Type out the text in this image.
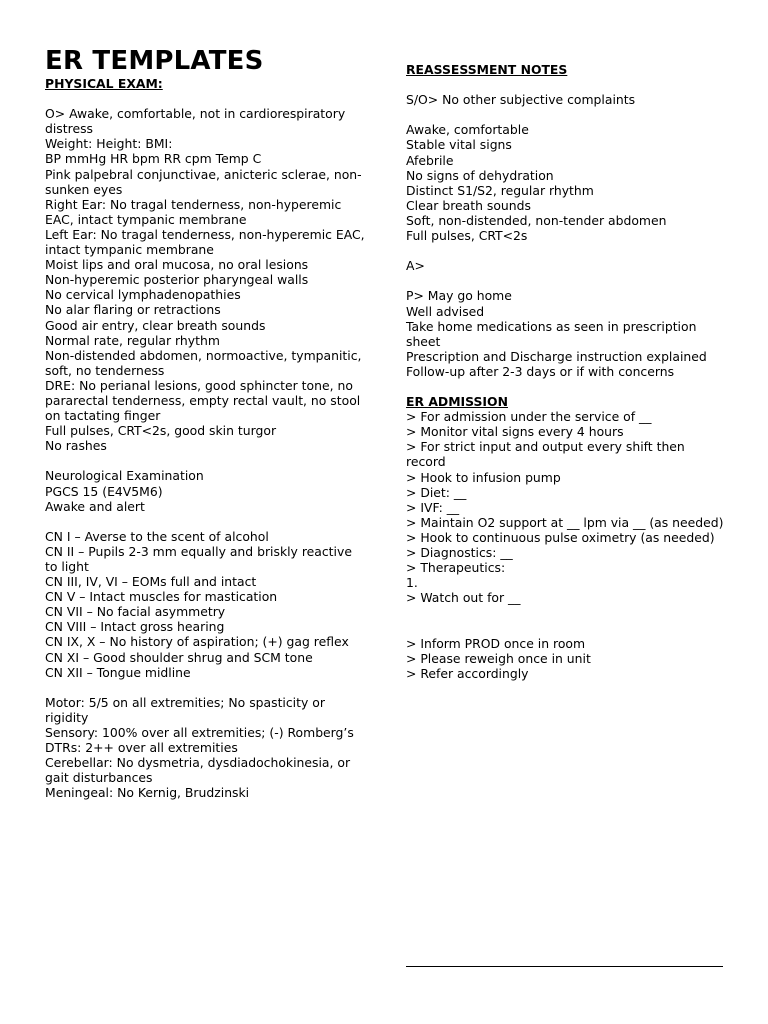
ER TEMPLATES
PHYSICAL EXAM:
O> Awake, comfortable, not in cardiorespiratory distress
Weight: Height: BMI:
BP mmHg HR bpm RR cpm Temp C
Pink palpebral conjunctivae, anicteric sclerae, non-sunken eyes
Right Ear: No tragal tenderness, non-hyperemic EAC, intact tympanic membrane
Left Ear: No tragal tenderness, non-hyperemic EAC, intact tympanic membrane
Moist lips and oral mucosa, no oral lesions
Non-hyperemic posterior pharyngeal walls
No cervical lymphadenopathies
No alar flaring or retractions
Good air entry, clear breath sounds
Normal rate, regular rhythm
Non-distended abdomen, normoactive, tympanitic, soft, no tenderness
DRE: No perianal lesions, good sphincter tone, no pararectal tenderness, empty rectal vault, no stool on tactating finger
Full pulses, CRT<2s, good skin turgor
No rashes
Neurological Examination
PGCS 15 (E4V5M6)
Awake and alert
CN I – Averse to the scent of alcohol
CN II – Pupils 2-3 mm equally and briskly reactive to light
CN III, IV, VI – EOMs full and intact
CN V – Intact muscles for mastication
CN VII – No facial asymmetry
CN VIII – Intact gross hearing
CN IX, X – No history of aspiration; (+) gag reflex
CN XI – Good shoulder shrug and SCM tone
CN XII – Tongue midline
Motor: 5/5 on all extremities; No spasticity or rigidity
Sensory: 100% over all extremities; (-) Romberg’s
DTRs: 2++ over all extremities
Cerebellar: No dysmetria, dysdiadochokinesia, or gait disturbances
Meningeal: No Kernig, Brudzinski
REASSESSMENT NOTES
S/O> No other subjective complaints
Awake, comfortable
Stable vital signs
Afebrile
No signs of dehydration
Distinct S1/S2, regular rhythm
Clear breath sounds
Soft, non-distended, non-tender abdomen
Full pulses, CRT<2s
A>
P> May go home
Well advised
Take home medications as seen in prescription sheet
Prescription and Discharge instruction explained
Follow-up after 2-3 days or if with concerns
ER ADMISSION
> For admission under the service of __
> Monitor vital signs every 4 hours
> For strict input and output every shift then record
> Hook to infusion pump
> Diet: __
> IVF: __
> Maintain O2 support at __ lpm via __ (as needed)
> Hook to continuous pulse oximetry (as needed)
> Diagnostics: __
> Therapeutics:
1.
> Watch out for __
> Inform PROD once in room
> Please reweigh once in unit
> Refer accordingly
